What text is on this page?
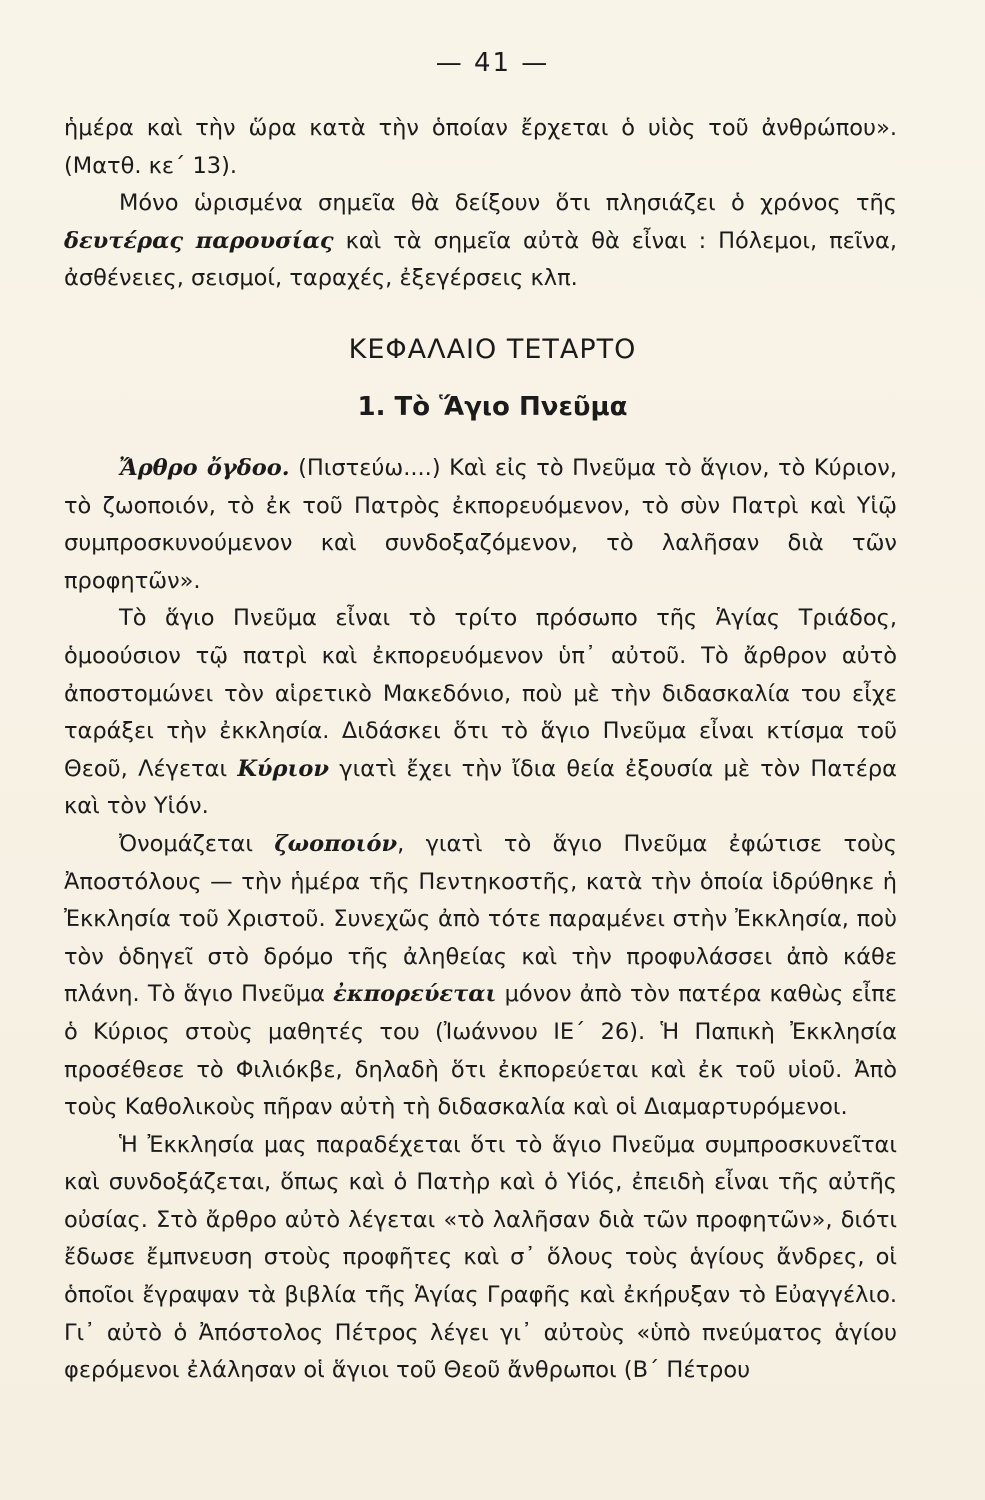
— 41 —

ἡμέρα καὶ τὴν ὥρα κατὰ τὴν ὁποίαν ἔρχεται ὁ υἱὸς τοῦ ἀνθρώπου». (Ματθ. κε΄ 13).

Μόνο ὡρισμένα σημεῖα θὰ δείξουν ὅτι πλησιάζει ὁ χρόνος τῆς δευτέρας παρουσίας καὶ τὰ σημεῖα αὐτὰ θὰ εἶναι : Πόλεμοι, πεῖνα, ἀσθένειες, σεισμοί, ταραχές, ἐξεγέρσεις κλπ.

ΚΕΦΑΛΑΙΟ ΤΕΤΑΡΤΟ
1. Τὸ Ἅγιο Πνεῦμα

Ἄρθρο ὄγδοο. (Πιστεύω....) Καὶ εἰς τὸ Πνεῦμα τὸ ἅγιον, τὸ Κύριον, τὸ ζωοποιόν, τὸ ἐκ τοῦ Πατρὸς ἐκπορευόμενον, τὸ σὺν Πατρὶ καὶ Υἱῷ συμπροσκυνούμενον καὶ συνδοξαζόμενον, τὸ λαλῆσαν διὰ τῶν προφητῶν».

Τὸ ἅγιο Πνεῦμα εἶναι τὸ τρίτο πρόσωπο τῆς Ἁγίας Τριάδος, ὁμοούσιον τῷ πατρὶ καὶ ἐκπορευόμενον ὑπ᾽ αὐτοῦ. Τὸ ἄρθρον αὐτὸ ἀποστομώνει τὸν αἱρετικὸ Μακεδόνιο, ποὺ μὲ τὴν διδασκαλία του εἶχε ταράξει τὴν ἐκκλησία. Διδάσκει ὅτι τὸ ἅγιο Πνεῦμα εἶναι κτίσμα τοῦ Θεοῦ, Λέγεται Κύριον γιατὶ ἔχει τὴν ἴδια θεία ἐξουσία μὲ τὸν Πατέρα καὶ τὸν Υἱόν.

Ὀνομάζεται ζωοποιόν, γιατὶ τὸ ἅγιο Πνεῦμα ἐφώτισε τοὺς Ἀποστόλους — τὴν ἡμέρα τῆς Πεντηκοστῆς, κατὰ τὴν ὁποία ἱδρύθηκε ἡ Ἐκκλησία τοῦ Χριστοῦ. Συνεχῶς ἀπὸ τότε παραμένει στὴν Ἐκκλησία, ποὺ τὸν ὁδηγεῖ στὸ δρόμο τῆς ἀληθείας καὶ τὴν προφυλάσσει ἀπὸ κάθε πλάνη. Τὸ ἅγιο Πνεῦμα ἐκπορεύεται μόνον ἀπὸ τὸν πατέρα καθὼς εἶπε ὁ Κύριος στοὺς μαθητές του (Ἰωάννου ΙΕ΄ 26). Ἡ Παπικὴ Ἐκκλησία προσέθεσε τὸ Φιλιόκβε, δηλαδὴ ὅτι ἐκπορεύεται καὶ ἐκ τοῦ υἱοῦ. Ἀπὸ τοὺς Καθολικοὺς πῆραν αὐτὴ τὴ διδασκαλία καὶ οἱ Διαμαρτυρόμενοι.

Ἡ Ἐκκλησία μας παραδέχεται ὅτι τὸ ἅγιο Πνεῦμα συμπροσκυνεῖται καὶ συνδοξάζεται, ὅπως καὶ ὁ Πατὴρ καὶ ὁ Υἱός, ἐπειδὴ εἶναι τῆς αὐτῆς οὐσίας. Στὸ ἄρθρο αὐτὸ λέγεται «τὸ λαλῆσαν διὰ τῶν προφητῶν», διότι ἔδωσε ἔμπνευση στοὺς προφῆτες καὶ σ᾽ ὅλους τοὺς ἁγίους ἄνδρες, οἱ ὁποῖοι ἔγραψαν τὰ βιβλία τῆς Ἁγίας Γραφῆς καὶ ἐκήρυξαν τὸ Εὐαγγέλιο. Γι᾽ αὐτὸ ὁ Ἀπόστολος Πέτρος λέγει γι᾽ αὐτοὺς «ὑπὸ πνεύματος ἁγίου φερόμενοι ἐλάλησαν οἱ ἅγιοι τοῦ Θεοῦ ἄνθρωποι (Β΄ Πέτρου
